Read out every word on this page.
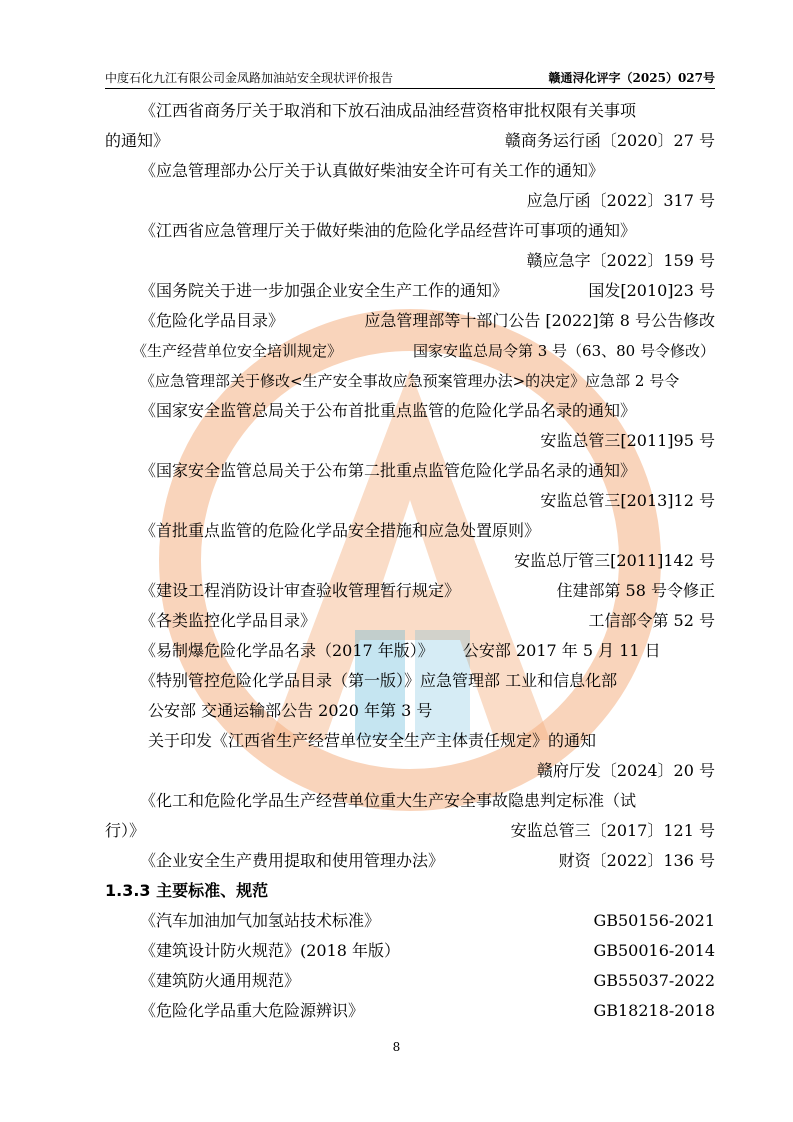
中度石化九江有限公司金凤路加油站安全现状评价报告	赣通浔化评字（2025）027号
《江西省商务厅关于取消和下放石油成品油经营资格审批权限有关事项
的通知》	赣商务运行函〔2020〕27 号
《应急管理部办公厅关于认真做好柴油安全许可有关工作的通知》
应急厅函〔2022〕317 号
《江西省应急管理厅关于做好柴油的危险化学品经营许可事项的通知》
赣应急字〔2022〕159 号
《国务院关于进一步加强企业安全生产工作的通知》	国发[2010]23 号
《危险化学品目录》	应急管理部等十部门公告 [2022]第 8 号公告修改
《生产经营单位安全培训规定》	国家安监总局令第 3 号（63、80 号令修改）
《应急管理部关于修改<生产安全事故应急预案管理办法>的决定》应急部 2 号令
《国家安全监管总局关于公布首批重点监管的危险化学品名录的通知》
安监总管三[2011]95 号
《国家安全监管总局关于公布第二批重点监管危险化学品名录的通知》
安监总管三[2013]12 号
《首批重点监管的危险化学品安全措施和应急处置原则》
安监总厅管三[2011]142 号
《建设工程消防设计审查验收管理暂行规定》	住建部第 58 号令修正
《各类监控化学品目录》	工信部令第 52 号
《易制爆危险化学品名录（2017 年版）》 公安部 2017 年 5 月 11 日
《特别管控危险化学品目录（第一版）》应急管理部 工业和信息化部
公安部 交通运输部公告 2020 年第 3 号
关于印发《江西省生产经营单位安全生产主体责任规定》的通知
赣府厅发〔2024〕20 号
《化工和危险化学品生产经营单位重大生产安全事故隐患判定标准（试
行）》	安监总管三〔2017〕121 号
《企业安全生产费用提取和使用管理办法》	财资〔2022〕136 号
1.3.3 主要标准、规范
《汽车加油加气加氢站技术标准》	GB50156-2021
《建筑设计防火规范》(2018 年版）	GB50016-2014
《建筑防火通用规范》	GB55037-2022
《危险化学品重大危险源辨识》	GB18218-2018
8
